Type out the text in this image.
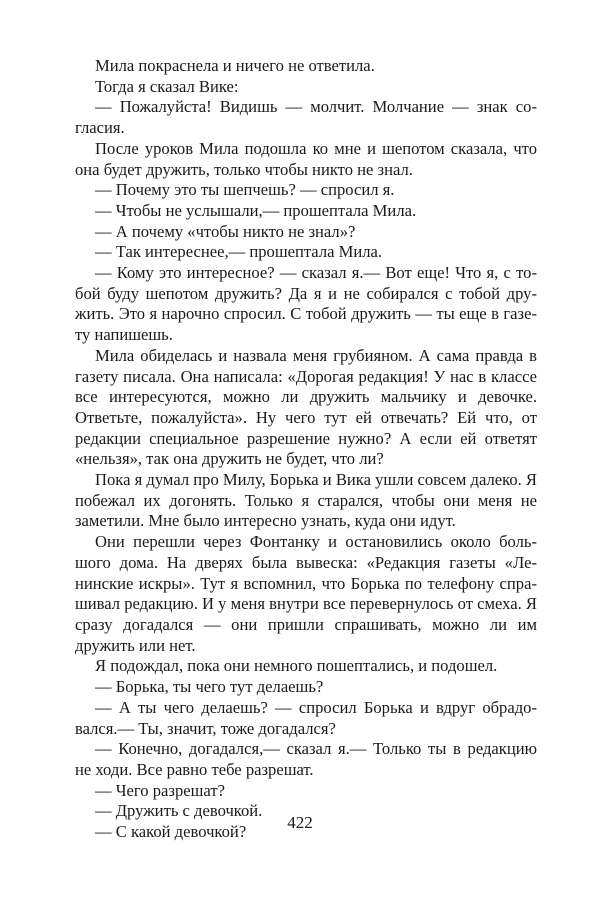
Мила покраснела и ничего не ответила.

Тогда я сказал Вике:

— Пожалуйста! Видишь — молчит. Молчание — знак согласия.

После уроков Мила подошла ко мне и шепотом сказала, что она будет дружить, только чтобы никто не знал.

— Почему это ты шепчешь? — спросил я.

— Чтобы не услышали,— прошептала Мила.

— А почему «чтобы никто не знал»?

— Так интереснее,— прошептала Мила.

— Кому это интересное? — сказал я.— Вот еще! Что я, с тобой буду шепотом дружить? Да я и не собирался с тобой дружить. Это я нарочно спросил. С тобой дружить — ты еще в газету напишешь.

Мила обиделась и назвала меня грубияном. А сама правда в газету писала. Она написала: «Дорогая редакция! У нас в классе все интересуются, можно ли дружить мальчику и девочке. Ответьте, пожалуйста». Ну чего тут ей отвечать? Ей что, от редакции специальное разрешение нужно? А если ей ответят «нельзя», так она дружить не будет, что ли?

Пока я думал про Милу, Борька и Вика ушли совсем далеко. Я побежал их догонять. Только я старался, чтобы они меня не заметили. Мне было интересно узнать, куда они идут.

Они перешли через Фонтанку и остановились около большого дома. На дверях была вывеска: «Редакция газеты «Ленинские искры». Тут я вспомнил, что Борька по телефону спрашивал редакцию. И у меня внутри все перевернулось от смеха. Я сразу догадался — они пришли спрашивать, можно ли им дружить или нет.

Я подождал, пока они немного пошептались, и подошел.

— Борька, ты чего тут делаешь?

— А ты чего делаешь? — спросил Борька и вдруг обрадовался.— Ты, значит, тоже догадался?

— Конечно, догадался,— сказал я.— Только ты в редакцию не ходи. Все равно тебе разрешат.

— Чего разрешат?

— Дружить с девочкой.

— С какой девочкой?	422
